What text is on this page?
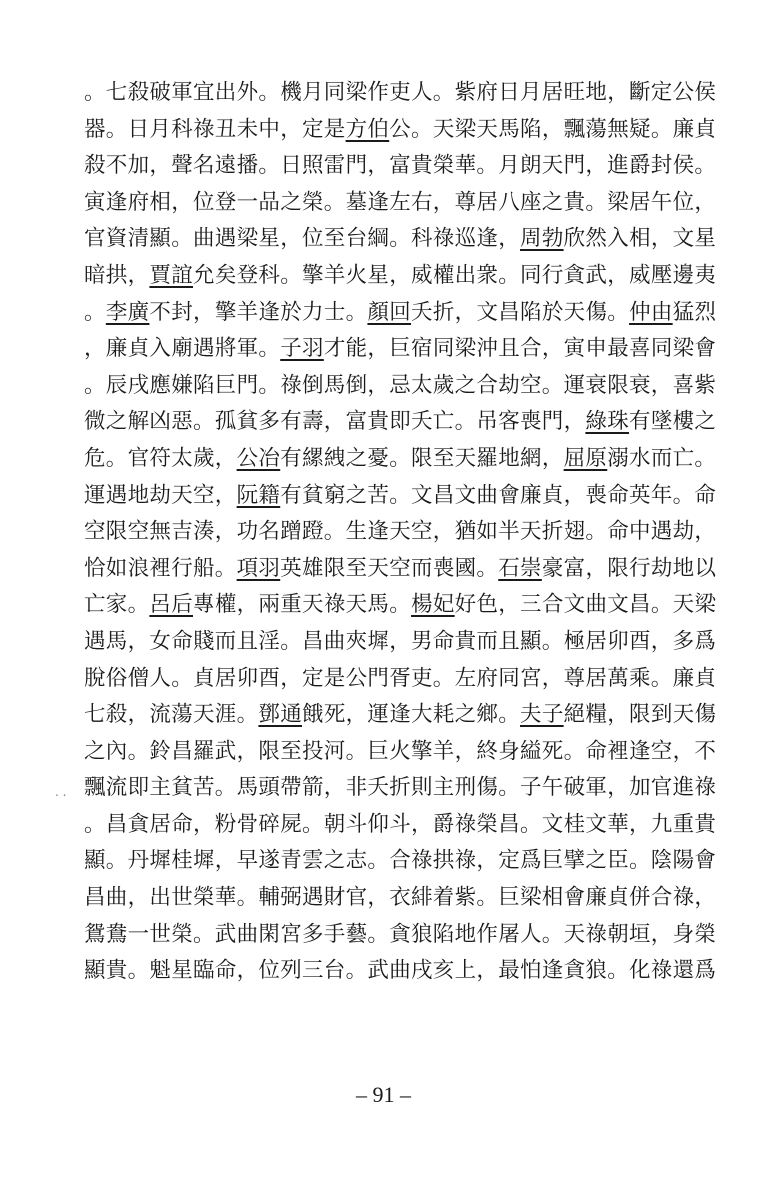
。七殺破軍宜出外。機月同梁作吏人。紫府日月居旺地，斷定公侯
器。日月科祿丑未中，定是方伯公。天梁天馬陷，飄蕩無疑。廉貞
殺不加，聲名遠播。日照雷門，富貴榮華。月朗天門，進爵封侯。
寅逢府相，位登一品之榮。墓逢左右，尊居八座之貴。梁居午位，
官資清顯。曲遇梁星，位至台綱。科祿巡逢，周勃欣然入相，文星
暗拱，賈誼允矣登科。擎羊火星，威權出衆。同行貪武，威壓邊夷
。李廣不封，擎羊逢於力士。顏回夭折，文昌陷於天傷。仲由猛烈
，廉貞入廟遇將軍。子羽才能，巨宿同梁沖且合，寅申最喜同梁會
。辰戌應嫌陷巨門。祿倒馬倒，忌太歲之合劫空。運衰限衰，喜紫
微之解凶惡。孤貧多有壽，富貴即夭亡。吊客喪門，綠珠有墜樓之
危。官符太歲，公冶有縲絏之憂。限至天羅地網，屈原溺水而亡。
運遇地劫天空，阮籍有貧窮之苦。文昌文曲會廉貞，喪命英年。命
空限空無吉湊，功名蹭蹬。生逢天空，猶如半天折翅。命中遇劫，
恰如浪裡行船。項羽英雄限至天空而喪國。石崇豪富，限行劫地以
亡家。呂后專權，兩重天祿天馬。楊妃好色，三合文曲文昌。天梁
遇馬，女命賤而且淫。昌曲夾墀，男命貴而且顯。極居卯酉，多爲
脫俗僧人。貞居卯酉，定是公門胥吏。左府同宮，尊居萬乘。廉貞
七殺，流蕩天涯。鄧通餓死，運逢大耗之鄉。夫子絕糧，限到天傷
之內。鈴昌羅武，限至投河。巨火擎羊，終身縊死。命裡逢空，不
飄流即主貧苦。馬頭帶箭，非夭折則主刑傷。子午破軍，加官進祿
。昌貪居命，粉骨碎屍。朝斗仰斗，爵祿榮昌。文桂文華，九重貴
顯。丹墀桂墀，早遂青雲之志。合祿拱祿，定爲巨擘之臣。陰陽會
昌曲，出世榮華。輔弼遇財官，衣緋着紫。巨梁相會廉貞併合祿，
鴛鴦一世榮。武曲閑宮多手藝。貪狼陷地作屠人。天祿朝垣，身榮
顯貴。魁星臨命，位列三台。武曲戌亥上，最怕逢貪狼。化祿還爲
. .
– 91 –
